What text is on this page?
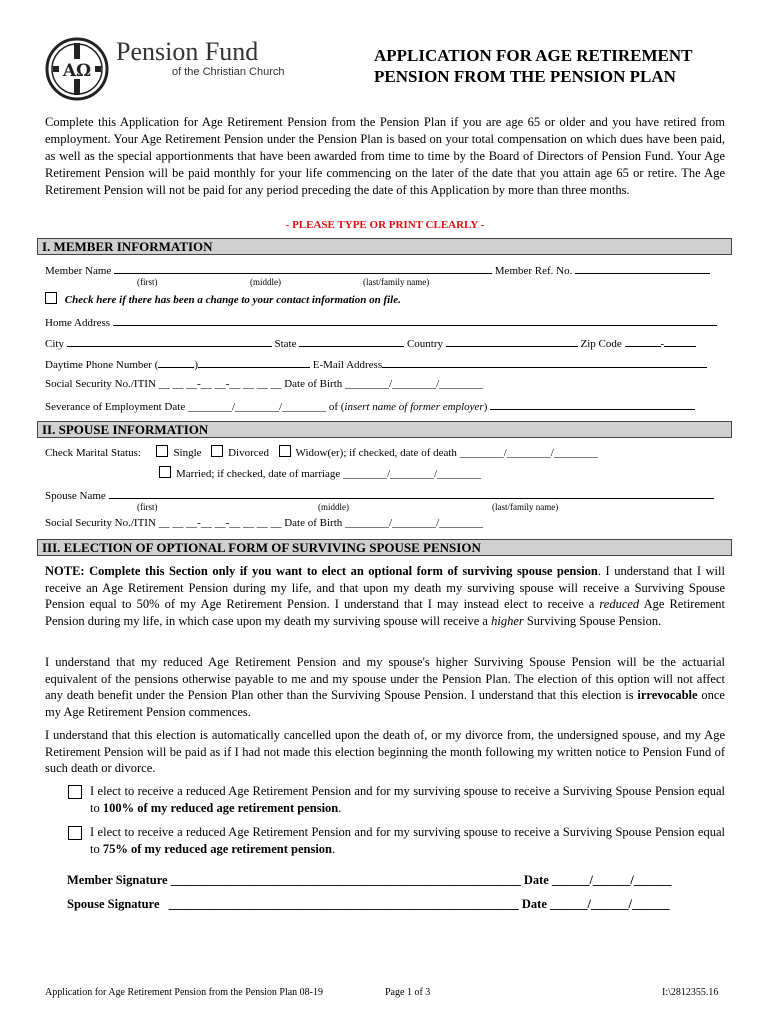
AΩ
Pension Fund
of the Christian Church
APPLICATION FOR AGE RETIREMENT
PENSION FROM THE PENSION PLAN
Complete this Application for Age Retirement Pension from the Pension Plan if you are age 65 or older and you have retired from employment. Your Age Retirement Pension under the Pension Plan is based on your total compensation on which dues have been paid, as well as the special apportionments that have been awarded from time to time by the Board of Directors of Pension Fund. Your Age Retirement Pension will be paid monthly for your life commencing on the later of the date that you attain age 65 or retire. The Age Retirement Pension will not be paid for any period preceding the date of this Application by more than three months.
- PLEASE TYPE OR PRINT CLEARLY -
I. MEMBER INFORMATION
Member Name	Member Ref. No.
(first)	(middle)	(last/family name)
Check here if there has been a change to your contact information on file.
Home Address
City	State	Country	Zip Code	-
Daytime Phone Number (	)	E-Mail Address
Social Security No./ITIN __ __ __-__ __-__ __ __ __ Date of Birth ________/________/________
Severance of Employment Date ________/________/________ of (insert name of former employer)
II. SPOUSE INFORMATION
Check Marital Status:	Single Divorced Widow(er); if checked, date of death ________/________/________
Married; if checked, date of marriage ________/________/________
Spouse Name
(first)	(middle)	(last/family name)
Social Security No./ITIN __ __ __-__ __-__ __ __ __ Date of Birth ________/________/________
III. ELECTION OF OPTIONAL FORM OF SURVIVING SPOUSE PENSION
NOTE: Complete this Section only if you want to elect an optional form of surviving spouse pension. I understand that I will receive an Age Retirement Pension during my life, and that upon my death my surviving spouse will receive a Surviving Spouse Pension equal to 50% of my Age Retirement Pension. I understand that I may instead elect to receive a reduced Age Retirement Pension during my life, in which case upon my death my surviving spouse will receive a higher Surviving Spouse Pension.
I understand that my reduced Age Retirement Pension and my spouse's higher Surviving Spouse Pension will be the actuarial equivalent of the pensions otherwise payable to me and my spouse under the Pension Plan. The election of this option will not affect any death benefit under the Pension Plan other than the Surviving Spouse Pension. I understand that this election is irrevocable once my Age Retirement Pension commences.
I understand that this election is automatically cancelled upon the death of, or my divorce from, the undersigned spouse, and my Age Retirement Pension will be paid as if I had not made this election beginning the month following my written notice to Pension Fund of such death or divorce.
I elect to receive a reduced Age Retirement Pension and for my surviving spouse to receive a Surviving Spouse Pension equal to 100% of my reduced age retirement pension.
I elect to receive a reduced Age Retirement Pension and for my surviving spouse to receive a Surviving Spouse Pension equal to 75% of my reduced age retirement pension.
Member Signature ________________________________________________________ Date ______/______/______
Spouse Signature ________________________________________________________ Date ______/______/______
Application for Age Retirement Pension from the Pension Plan 08-19	Page 1 of 3	I:\2812355.16
